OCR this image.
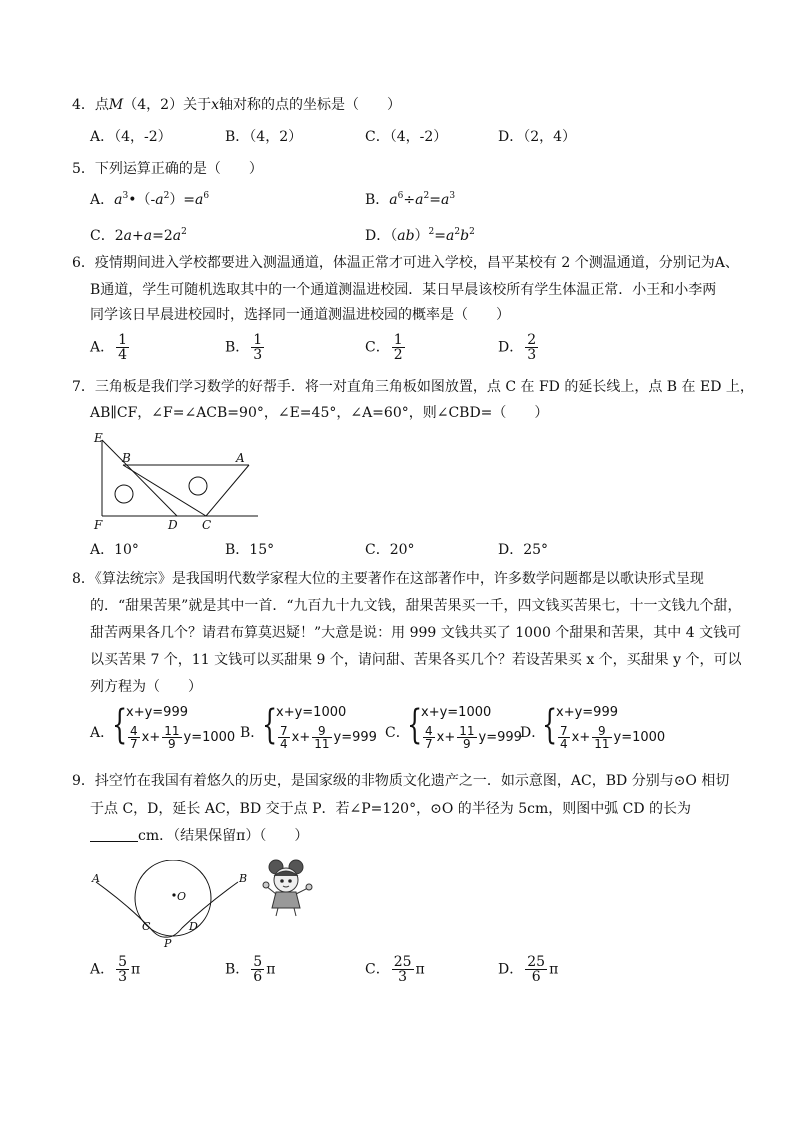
4．点M（4，2）关于x轴对称的点的坐标是（　　）
A．（4，-2）	B．（4，2）	C．（4，-2）	D．（2，4）
5．下列运算正确的是（　　）
A．$a^3•(-a^2)=a^6$	B．$a^6\div a^2=a^3$
C．$2a+a=2a^2$	D．$(ab)^2=a^2b^2$
6．疫情期间进入学校都要进入测温通道，体温正常才可进入学校，昌平某校有 2 个测温通道，分别记为A、
B通道，学生可随机选取其中的一个通道测温进校园．某日早晨该校所有学生体温正常．小王和小李两
同学该日早晨进校园时，选择同一通道测温进校园的概率是（　　）
A． $\frac{1}{4}$	B． $\frac{1}{3}$	C． $\frac{1}{2}$	D． $\frac{2}{3}$
7．三角板是我们学习数学的好帮手．将一对直角三角板如图放置，点 C 在 FD 的延长线上，点 B 在 ED 上，
AB∥CF，∠F=∠ACB=90°，∠E=45°，∠A=60°，则∠CBD=（　　）
E
B	A
F	D C
A．10°	B．15°	C．20°	D．25°
8．《算法统宗》是我国明代数学家程大位的主要著作在这部著作中，许多数学问题都是以歌诀形式呈现
的．“甜果苦果”就是其中一首．“九百九十九文钱，甜果苦果买一千，四文钱买苦果七，十一文钱九个甜，
甜苦两果各几个？请君布算莫迟疑！”大意是说：用 999 文钱共买了 1000 个甜果和苦果，其中 4 文钱可
以买苦果 7 个，11 文钱可以买甜果 9 个，请问甜、苦果各买几个？若设苦果买 x 个，买甜果 y 个，可以
列方程为（　　）
A．
{
x+y=999
$\frac{4}{7} x+ \frac{11}{9} y=1000$ B．
{
x+y=1000
$\frac{7}{4} x+ \frac{9}{11} y=999$ C．
{
x+y=1000
$\frac{4}{7} x+ \frac{11}{9} y=999$
D．
{
x+y=999
$\frac{7}{4} x+ \frac{9}{11} y=1000$
9．抖空竹在我国有着悠久的历史，是国家级的非物质文化遗产之一．如示意图，AC，BD 分别与⊙O 相切
于点 C，D，延长 AC，BD 交于点 P．若∠P=120°，⊙O 的半径为 5cm，则图中弧 CD 的长为
cm．（结果保留π）（　　）
A	B
O
C	D
P
A． $\frac{5}{3}$ π	B． $\frac{5}{6}$ π	C． $\frac{25}{3}$ π	D． $\frac{25}{6}$ π
